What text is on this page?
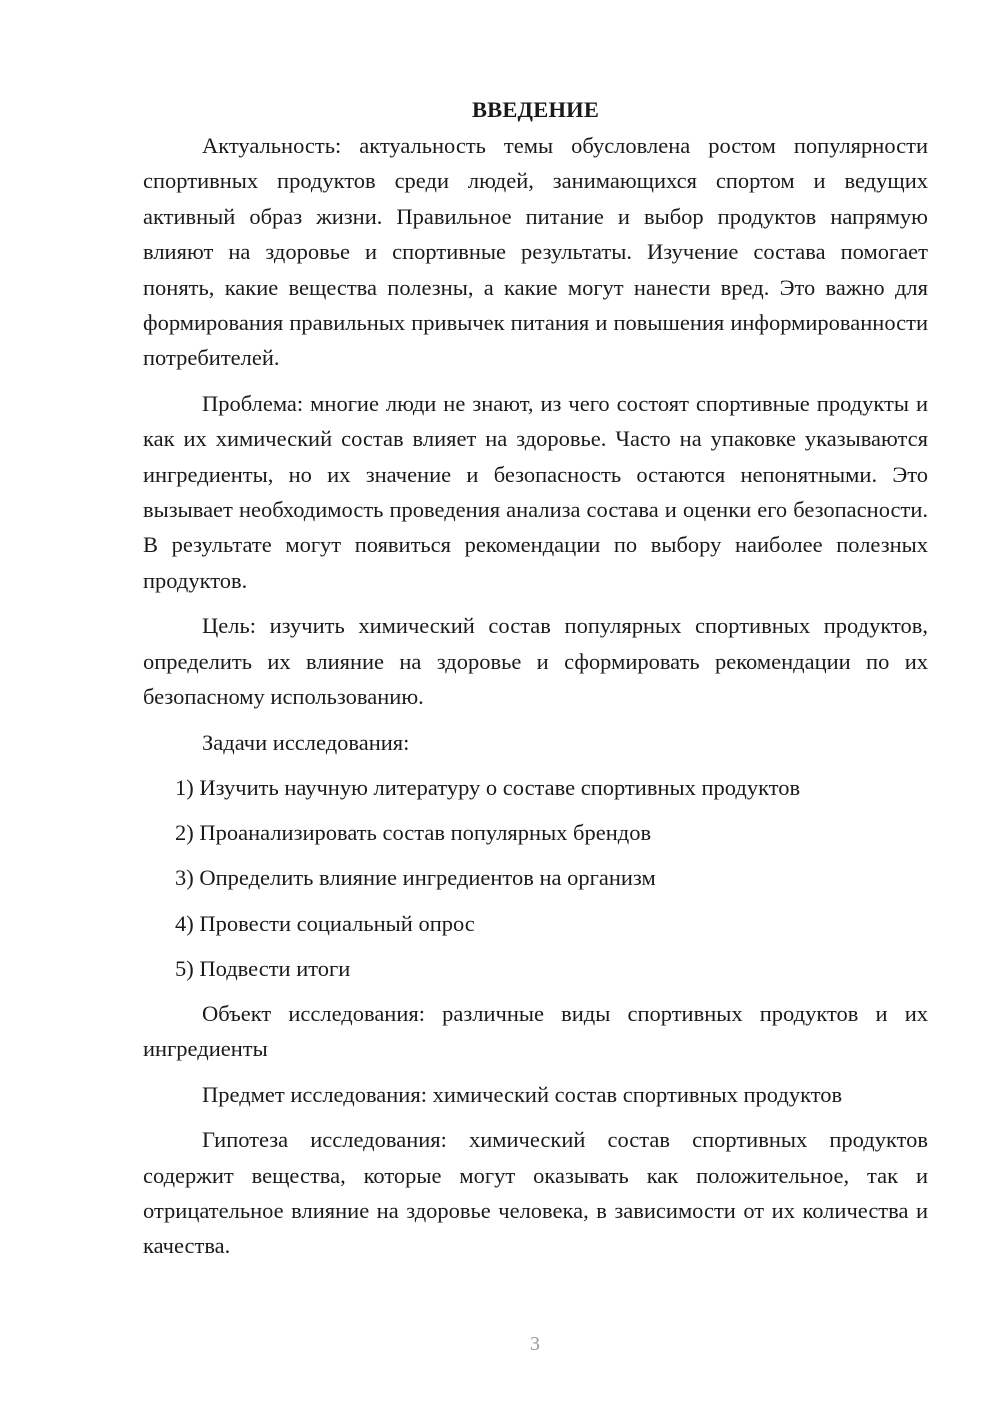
ВВЕДЕНИЕ

Актуальность: актуальность темы обусловлена ростом популярности спортивных продуктов среди людей, занимающихся спортом и ведущих активный образ жизни. Правильное питание и выбор продуктов напрямую влияют на здоровье и спортивные результаты. Изучение состава помогает понять, какие вещества полезны, а какие могут нанести вред. Это важно для формирования правильных привычек питания и повышения информированности потребителей.

Проблема: многие люди не знают, из чего состоят спортивные продукты и как их химический состав влияет на здоровье. Часто на упаковке указываются ингредиенты, но их значение и безопасность остаются непонятными. Это вызывает необходимость проведения анализа состава и оценки его безопасности. В результате могут появиться рекомендации по выбору наиболее полезных продуктов.

Цель: изучить химический состав популярных спортивных продуктов, определить их влияние на здоровье и сформировать рекомендации по их безопасному использованию.

Задачи исследования:

1) Изучить научную литературу о составе спортивных продуктов
2) Проанализировать состав популярных брендов
3) Определить влияние ингредиентов на организм
4) Провести социальный опрос
5) Подвести итоги

Объект исследования: различные виды спортивных продуктов и их ингредиенты

Предмет исследования: химический состав спортивных продуктов

Гипотеза исследования: химический состав спортивных продуктов содержит вещества, которые могут оказывать как положительное, так и отрицательное влияние на здоровье человека, в зависимости от их количества и качества.

3
